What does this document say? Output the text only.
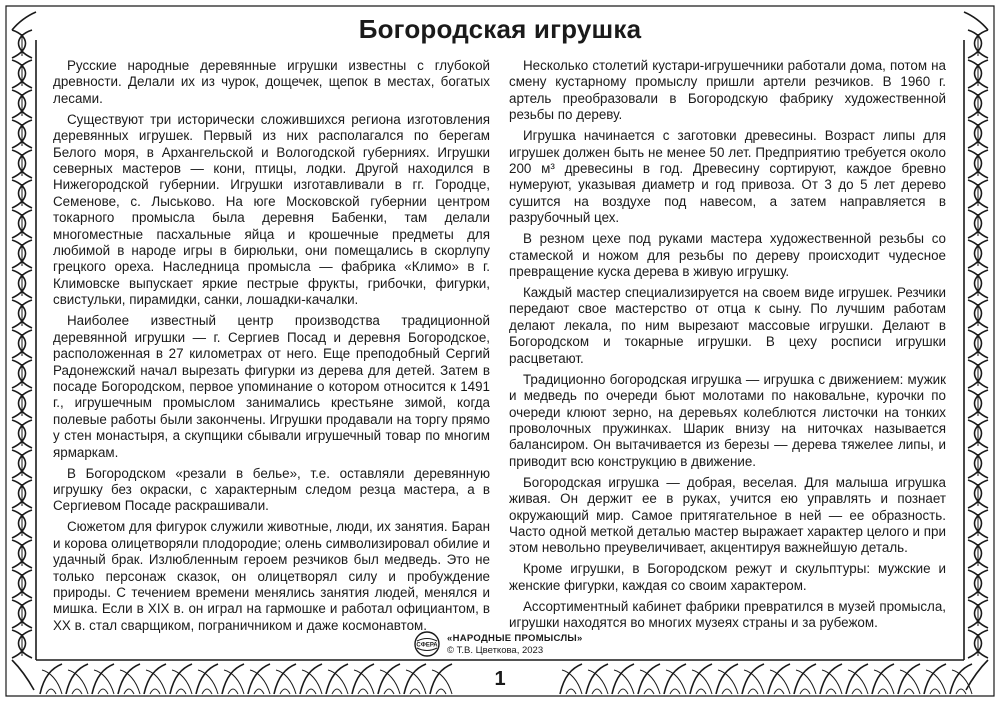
Богородская игрушка

Русские народные деревянные игрушки известны с глубокой древности. Делали их из чурок, дощечек, щепок в местах, богатых лесами.

Существуют три исторически сложившихся региона изготовления деревянных игрушек. Первый из них располагался по берегам Белого моря, в Архангельской и Вологодской губерниях. Игрушки северных мастеров — кони, птицы, лодки. Другой находился в Нижегородской губернии. Игрушки изготавливали в гг. Городце, Семенове, с. Лыськово. На юге Московской губернии центром токарного промысла была деревня Бабенки, там делали многоместные пасхальные яйца и крошечные предметы для любимой в народе игры в бирюльки, они помещались в скорлупу грецкого ореха. Наследница промысла — фабрика «Климо» в г. Климовске выпускает яркие пестрые фрукты, грибочки, фигурки, свистульки, пирамидки, санки, лошадки-качалки.

Наиболее известный центр производства традиционной деревянной игрушки — г. Сергиев Посад и деревня Богородское, расположенная в 27 километрах от него. Еще преподобный Сергий Радонежский начал вырезать фигурки из дерева для детей. Затем в посаде Богородском, первое упоминание о котором относится к 1491 г., игрушечным промыслом занимались крестьяне зимой, когда полевые работы были закончены. Игрушки продавали на торгу прямо у стен монастыря, а скупщики сбывали игрушечный товар по многим ярмаркам.

В Богородском «резали в белье», т.е. оставляли деревянную игрушку без окраски, с характерным следом резца мастера, а в Сергиевом Посаде раскрашивали.

Сюжетом для фигурок служили животные, люди, их занятия. Баран и корова олицетворяли плодородие; олень символизировал обилие и удачный брак. Излюбленным героем резчиков был медведь. Это не только персонаж сказок, он олицетворял силу и пробуждение природы. С течением времени менялись занятия людей, менялся и мишка. Если в XIX в. он играл на гармошке и работал официантом, в XX в. стал сварщиком, пограничником и даже космонавтом.

Несколько столетий кустари-игрушечники работали дома, потом на смену кустарному промыслу пришли артели резчиков. В 1960 г. артель преобразовали в Богородскую фабрику художественной резьбы по дереву.

Игрушка начинается с заготовки древесины. Возраст липы для игрушек должен быть не менее 50 лет. Предприятию требуется около 200 м³ древесины в год. Древесину сортируют, каждое бревно нумеруют, указывая диаметр и год привоза. От 3 до 5 лет дерево сушится на воздухе под навесом, а затем направляется в разрубочный цех.

В резном цехе под руками мастера художественной резьбы со стамеской и ножом для резьбы по дереву происходит чудесное превращение куска дерева в живую игрушку.

Каждый мастер специализируется на своем виде игрушек. Резчики передают свое мастерство от отца к сыну. По лучшим работам делают лекала, по ним вырезают массовые игрушки. Делают в Богородском и токарные игрушки. В цеху росписи игрушки расцветают.

Традиционно богородская игрушка — игрушка с движением: мужик и медведь по очереди бьют молотами по наковальне, курочки по очереди клюют зерно, на деревьях колеблются листочки на тонких проволочных пружинках. Шарик внизу на ниточках называется балансиром. Он вытачивается из березы — дерева тяжелее липы, и приводит всю конструкцию в движение.

Богородская игрушка — добрая, веселая. Для малыша игрушка живая. Он держит ее в руках, учится ею управлять и познает окружающий мир. Самое притягательное в ней — ее образность. Часто одной меткой деталью мастер выражает характер целого и при этом невольно преувеличивает, акцентируя важнейшую деталь.

Кроме игрушки, в Богородском режут и скульптуры: мужские и женские фигурки, каждая со своим характером.

Ассортиментный кабинет фабрики превратился в музей промысла, игрушки находятся во многих музеях страны и за рубежом.

СФЕРА
«НАРОДНЫЕ ПРОМЫСЛЫ»
© Т.В. Цветкова, 2023
1
